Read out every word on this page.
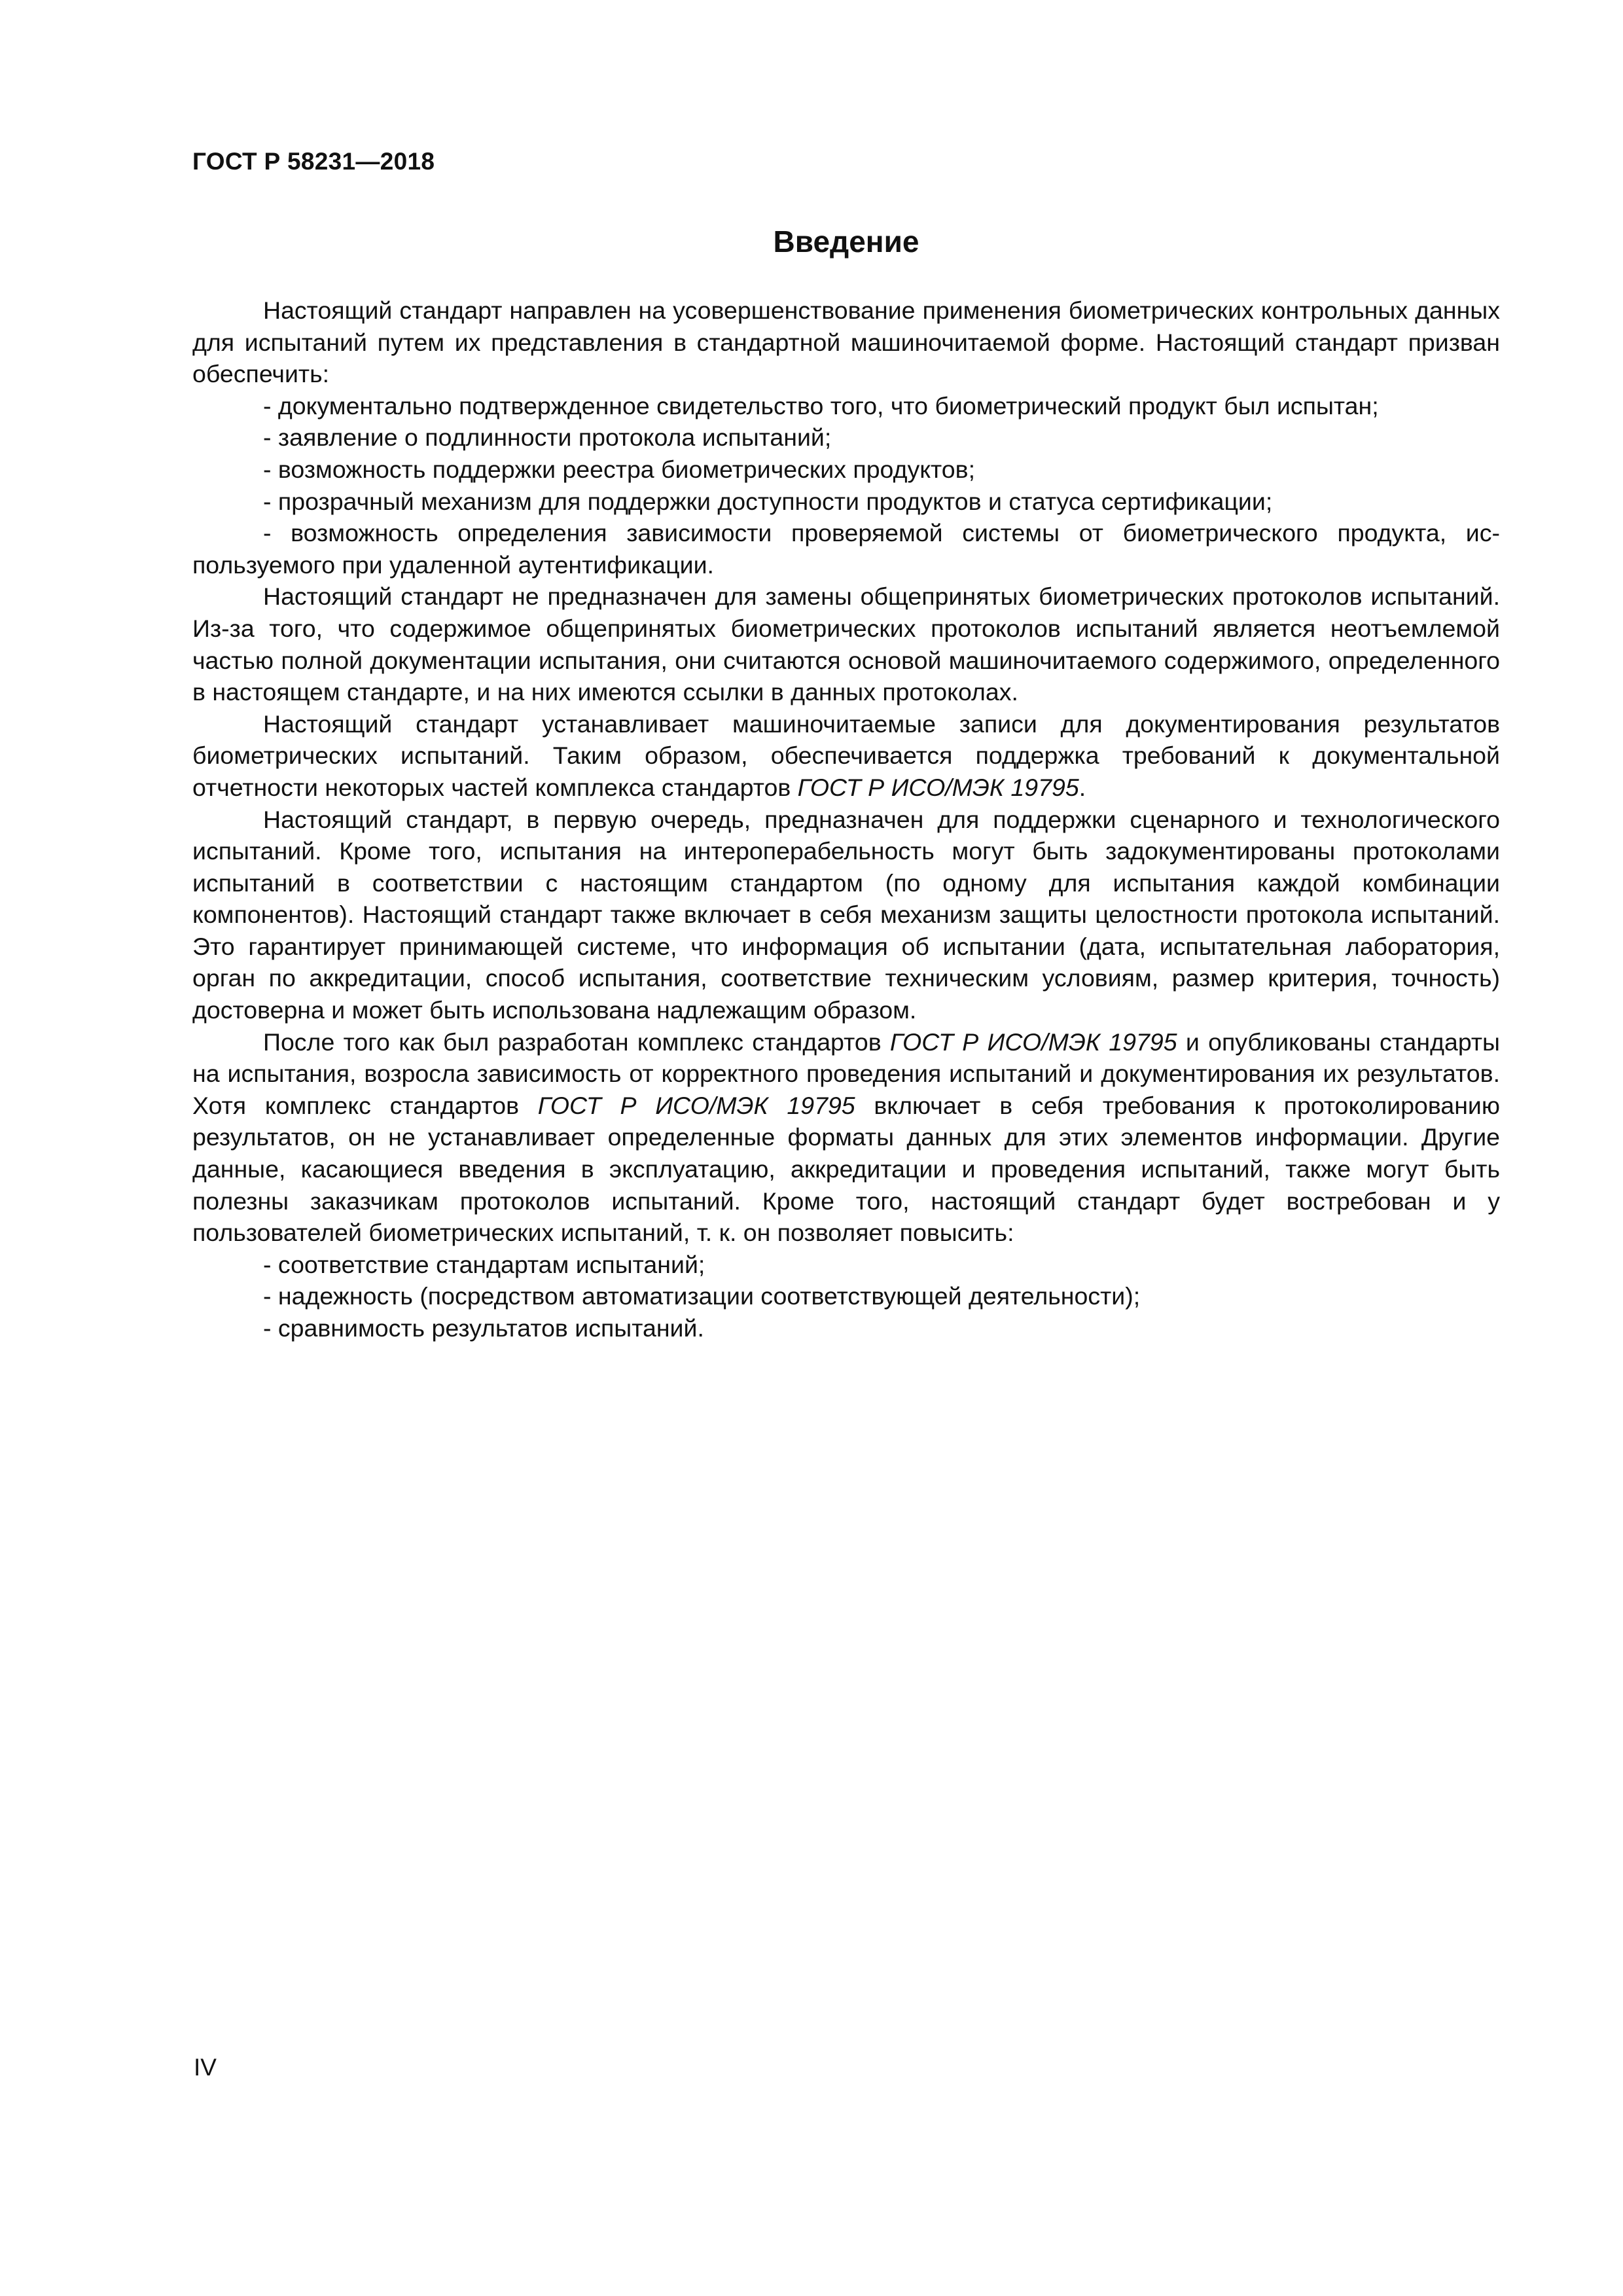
ГОСТ Р 58231—2018
Введение

Настоящий стандарт направлен на усовершенствование применения биометрических контрольных данных для испытаний путем их представления в стандартной машиночитаемой форме. Настоящий стандарт призван обеспечить:

- документально подтвержденное свидетельство того, что биометрический продукт был испытан;

- заявление о подлинности протокола испытаний;

- возможность поддержки реестра биометрических продуктов;

- прозрачный механизм для поддержки доступности продуктов и статуса сертификации;

- возможность определения зависимости проверяемой системы от биометрического продукта, используемого при удаленной аутентификации.

Настоящий стандарт не предназначен для замены общепринятых биометрических протоколов испытаний. Из-за того, что содержимое общепринятых биометрических протоколов испытаний является неотъемлемой частью полной документации испытания, они считаются основой машиночитаемого содержимого, определенного в настоящем стандарте, и на них имеются ссылки в данных протоколах.

Настоящий стандарт устанавливает машиночитаемые записи для документирования результатов биометрических испытаний. Таким образом, обеспечивается поддержка требований к документальной отчетности некоторых частей комплекса стандартов ГОСТ Р ИСО/МЭК 19795.

Настоящий стандарт, в первую очередь, предназначен для поддержки сценарного и технологического испытаний. Кроме того, испытания на интероперабельность могут быть задокументированы протоколами испытаний в соответствии с настоящим стандартом (по одному для испытания каждой комбинации компонентов). Настоящий стандарт также включает в себя механизм защиты целостности протокола испытаний. Это гарантирует принимающей системе, что информация об испытании (дата, испытательная лаборатория, орган по аккредитации, способ испытания, соответствие техническим условиям, размер критерия, точность) достоверна и может быть использована надлежащим образом.

После того как был разработан комплекс стандартов ГОСТ Р ИСО/МЭК 19795 и опубликованы стандарты на испытания, возросла зависимость от корректного проведения испытаний и документирования их результатов. Хотя комплекс стандартов ГОСТ Р ИСО/МЭК 19795 включает в себя требования к протоколированию результатов, он не устанавливает определенные форматы данных для этих элементов информации. Другие данные, касающиеся введения в эксплуатацию, аккредитации и проведения испытаний, также могут быть полезны заказчикам протоколов испытаний. Кроме того, настоящий стандарт будет востребован и у пользователей биометрических испытаний, т. к. он позволяет повысить:

- соответствие стандартам испытаний;

- надежность (посредством автоматизации соответствующей деятельности);

- сравнимость результатов испытаний.

IV
